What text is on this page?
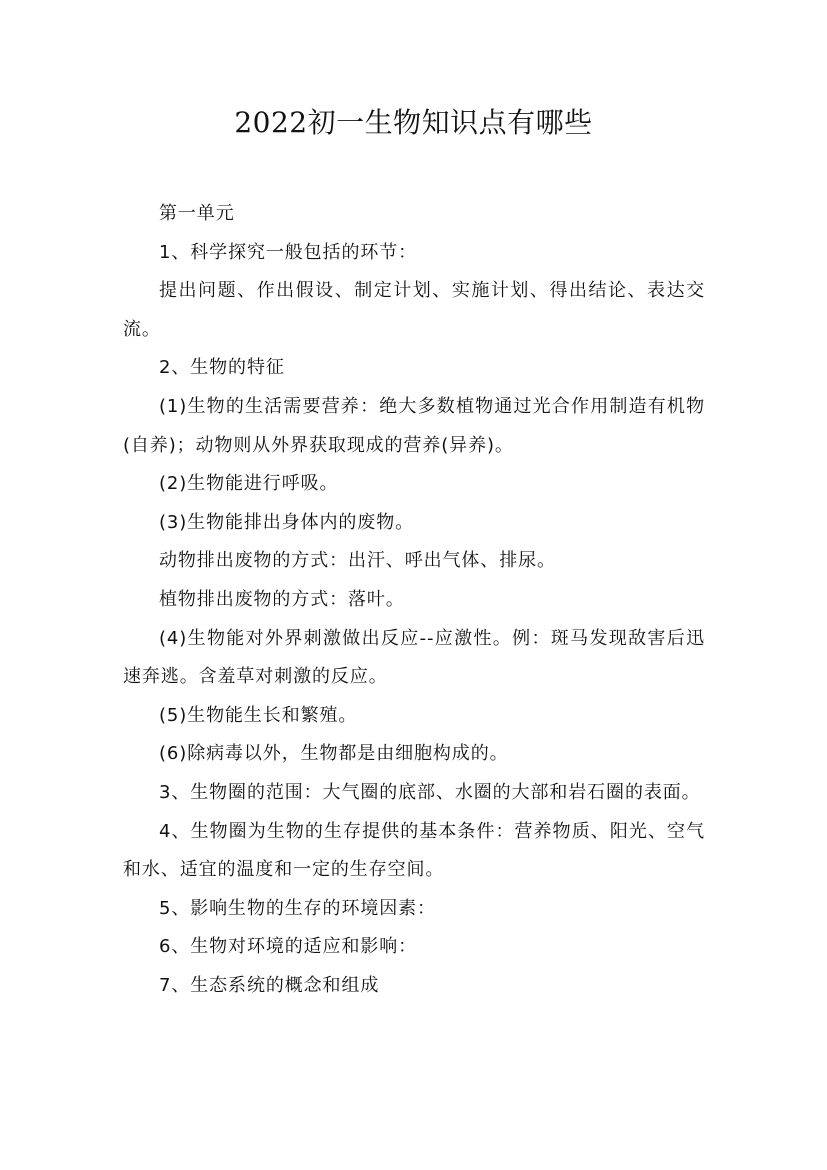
2022初一生物知识点有哪些

第一单元

1、科学探究一般包括的环节：

提出问题、作出假设、制定计划、实施计划、得出结论、表达交流。

2、生物的特征

(1)生物的生活需要营养：绝大多数植物通过光合作用制造有机物(自养)；动物则从外界获取现成的营养(异养)。

(2)生物能进行呼吸。

(3)生物能排出身体内的废物。

动物排出废物的方式：出汗、呼出气体、排尿。

植物排出废物的方式：落叶。

(4)生物能对外界刺激做出反应--应激性。例：斑马发现敌害后迅速奔逃。含羞草对刺激的反应。

(5)生物能生长和繁殖。

(6)除病毒以外，生物都是由细胞构成的。

3、生物圈的范围：大气圈的底部、水圈的大部和岩石圈的表面。

4、生物圈为生物的生存提供的基本条件：营养物质、阳光、空气和水、适宜的温度和一定的生存空间。

5、影响生物的生存的环境因素：

6、生物对环境的适应和影响：

7、生态系统的概念和组成
